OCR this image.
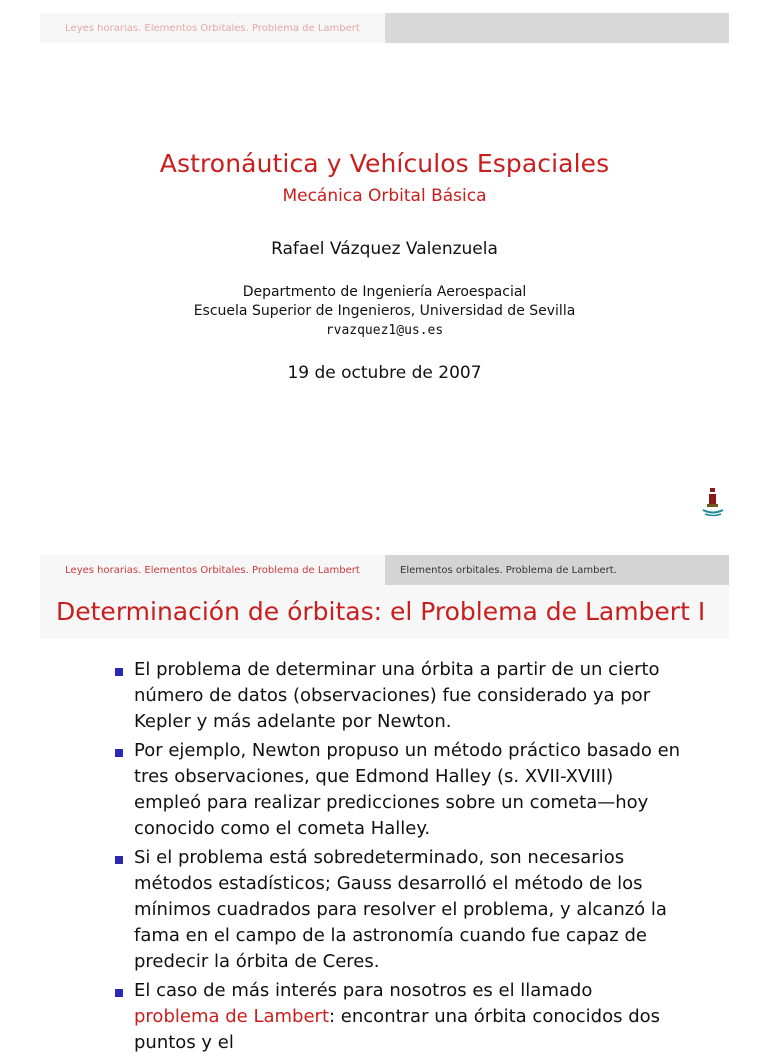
Leyes horarias. Elementos Orbitales. Problema de Lambert
Astronáutica y Vehículos Espaciales
Mecánica Orbital Básica
Rafael Vázquez Valenzuela
Departmento de Ingeniería Aeroespacial
Escuela Superior de Ingenieros, Universidad de Sevilla
rvazquez1@us.es
19 de octubre de 2007
Leyes horarias. Elementos Orbitales. Problema de Lambert	Elementos orbitales. Problema de Lambert.
Determinación de órbitas: el Problema de Lambert I
El problema de determinar una órbita a partir de un cierto número de datos (observaciones) fue considerado ya por Kepler y más adelante por Newton.
Por ejemplo, Newton propuso un método práctico basado en tres observaciones, que Edmond Halley (s. XVII-XVIII) empleó para realizar predicciones sobre un cometa—hoy conocido como el cometa Halley.
Si el problema está sobredeterminado, son necesarios métodos estadísticos; Gauss desarrolló el método de los mínimos cuadrados para resolver el problema, y alcanzó la fama en el campo de la astronomía cuando fue capaz de predecir la órbita de Ceres.
El caso de más interés para nosotros es el llamado problema de Lambert: encontrar una órbita conocidos dos puntos y el
